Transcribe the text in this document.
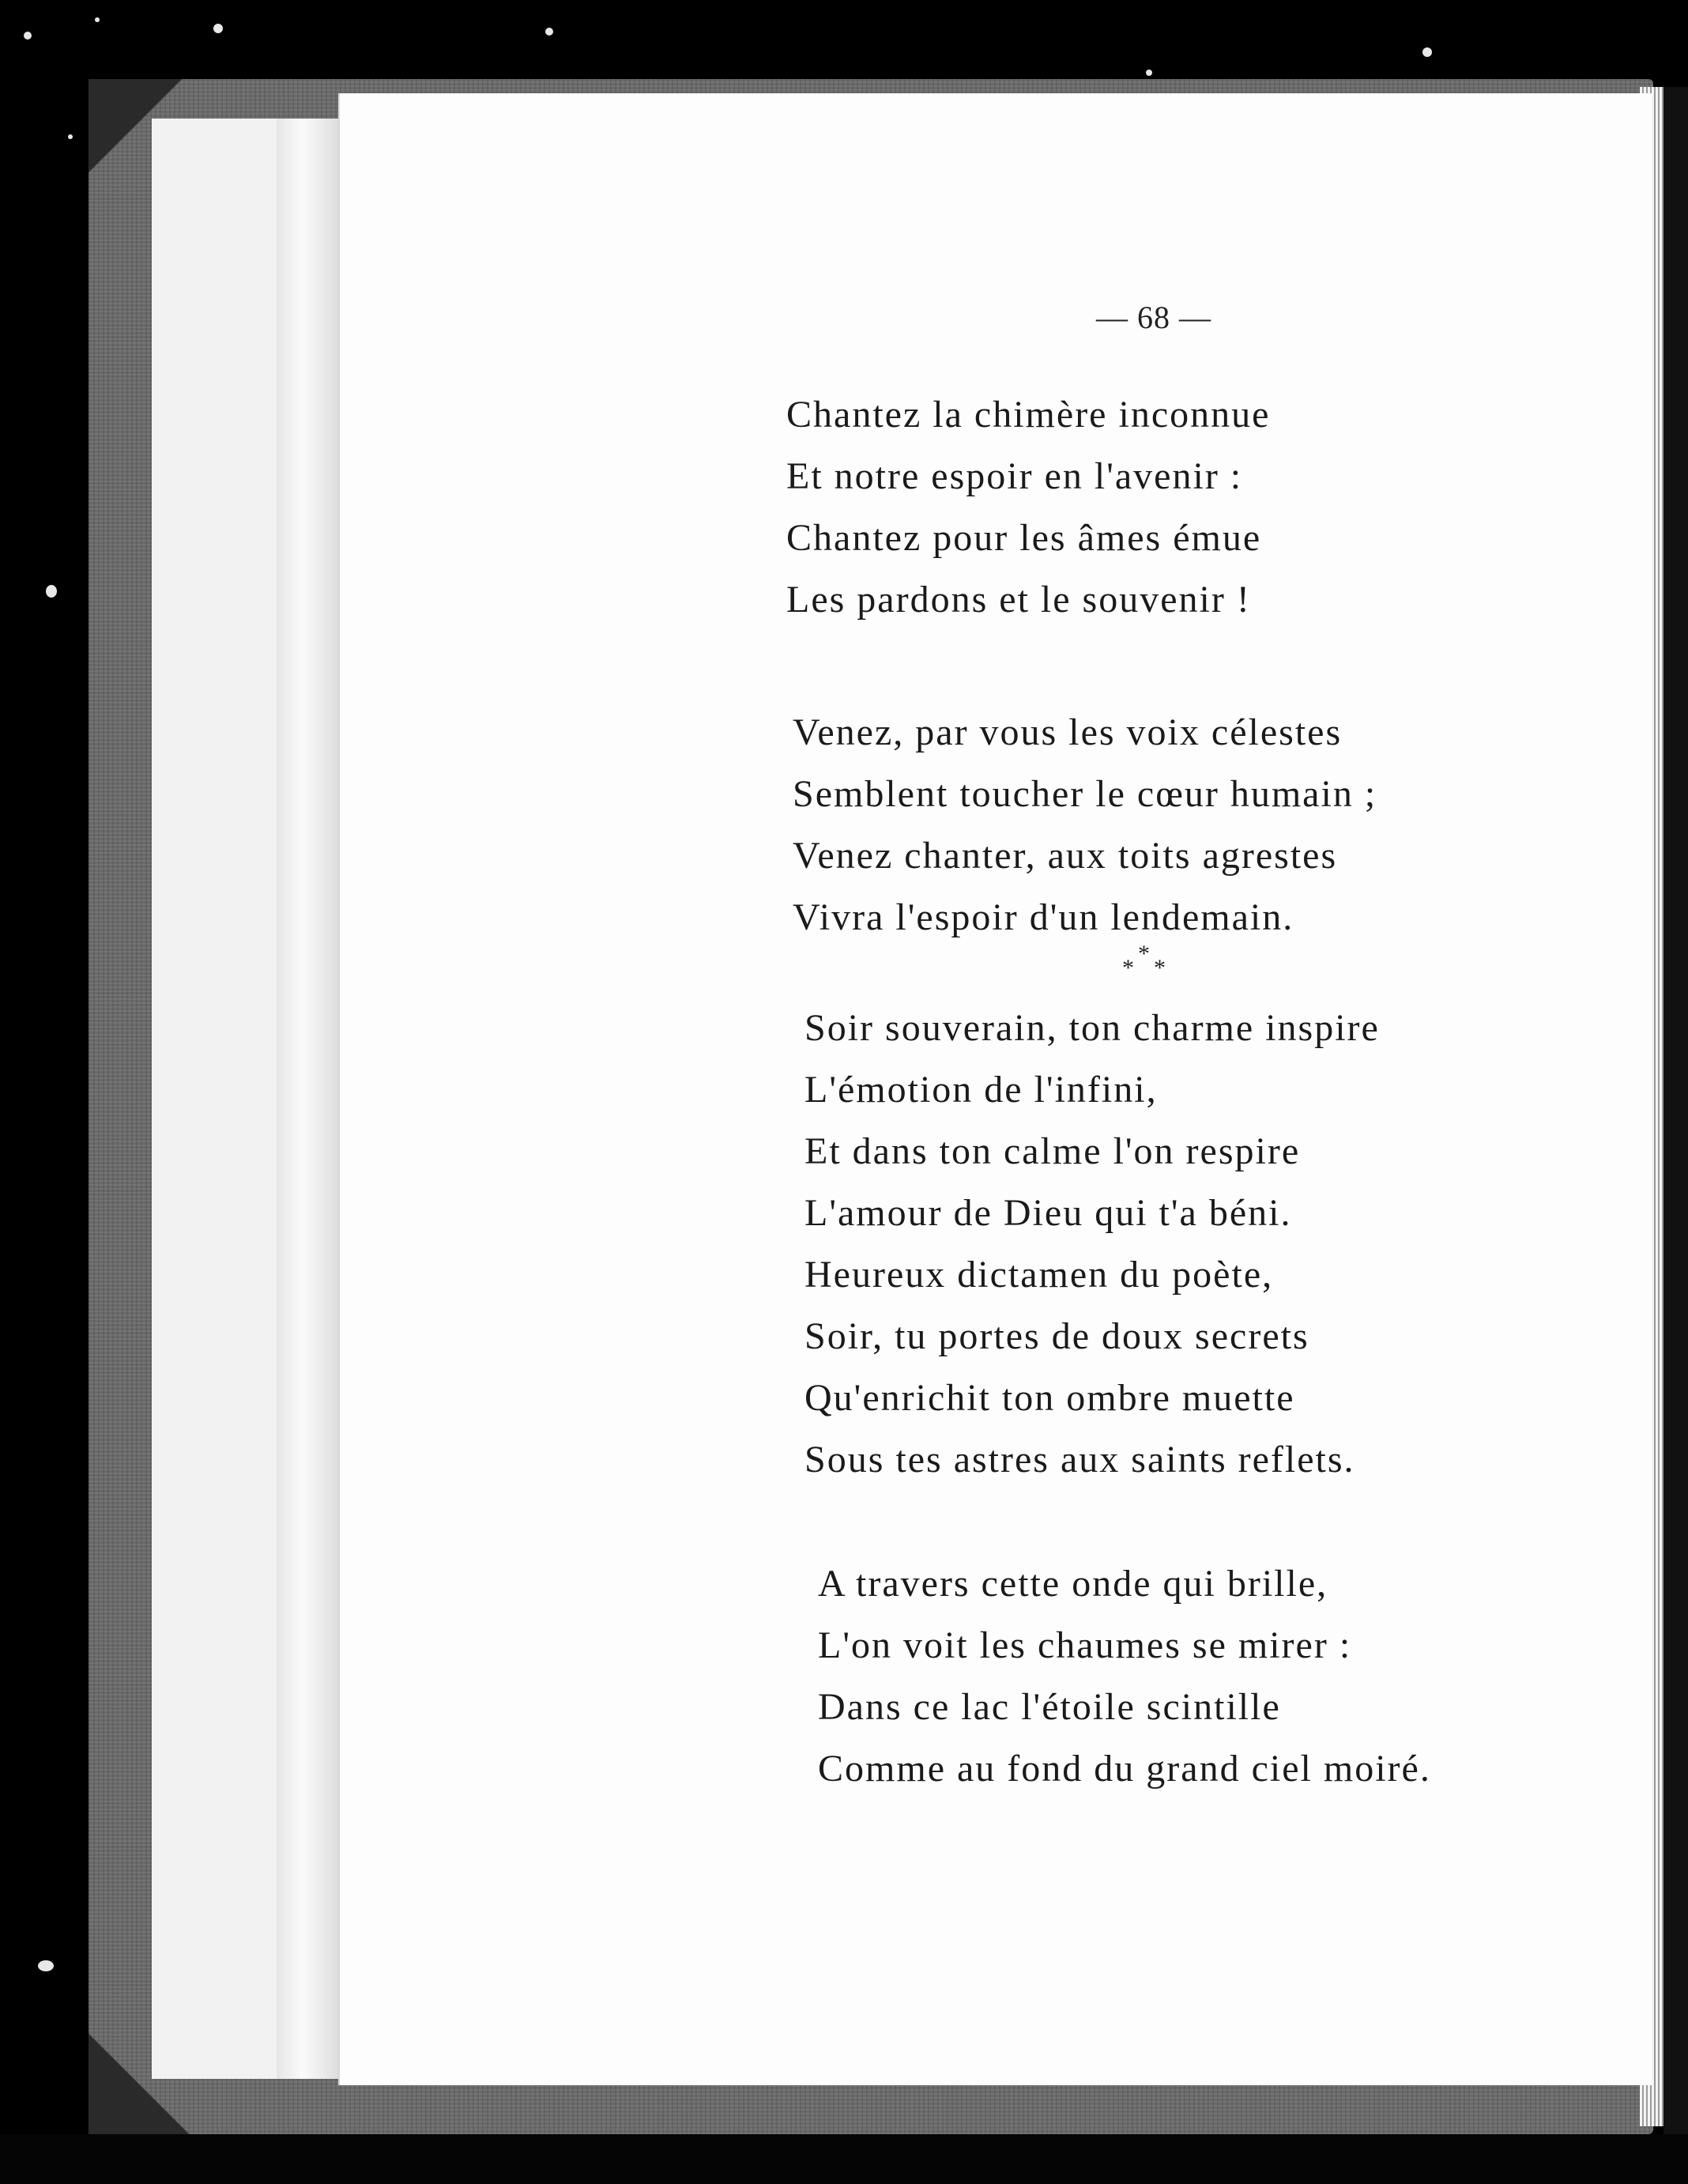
— 68 —
Chantez la chimère inconnue
Et notre espoir en l'avenir :
Chantez pour les âmes émue
Les pardons et le souvenir !
Venez, par vous les voix célestes
Semblent toucher le cœur humain ;
Venez chanter, aux toits agrestes
Vivra l'espoir d'un lendemain.
*
*
*
Soir souverain, ton charme inspire
L'émotion de l'infini,
Et dans ton calme l'on respire
L'amour de Dieu qui t'a béni.
Heureux dictamen du poète,
Soir, tu portes de doux secrets
Qu'enrichit ton ombre muette
Sous tes astres aux saints reflets.
A travers cette onde qui brille,
L'on voit les chaumes se mirer :
Dans ce lac l'étoile scintille
Comme au fond du grand ciel moiré.
